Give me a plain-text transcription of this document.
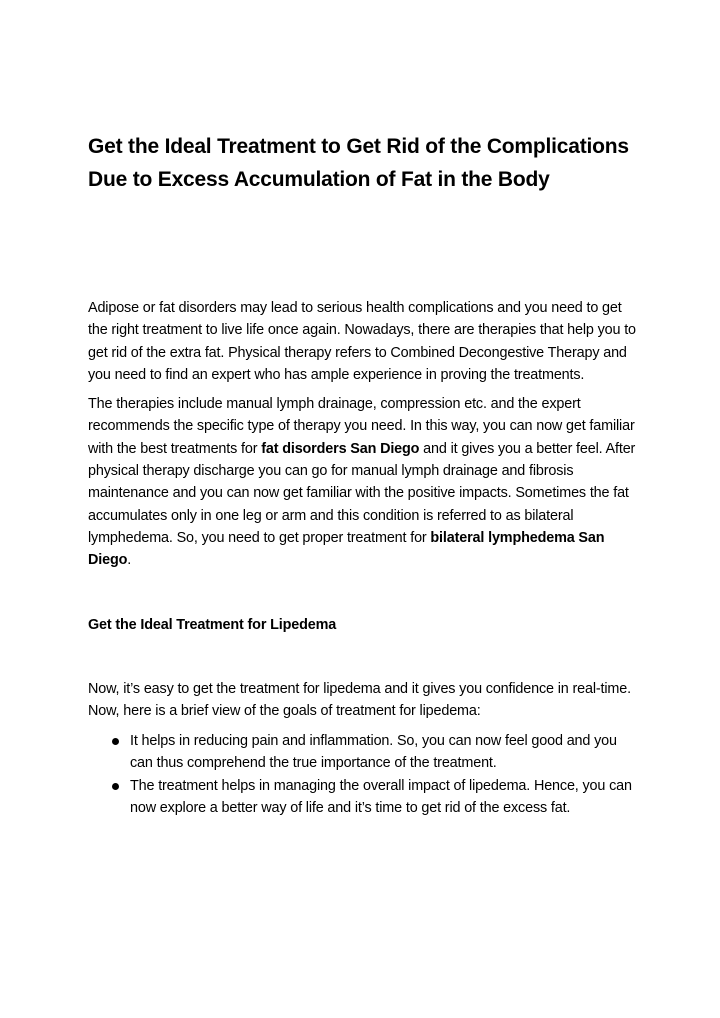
Get the Ideal Treatment to Get Rid of the Complications Due to Excess Accumulation of Fat in the Body

Adipose or fat disorders may lead to serious health complications and you need to get the right treatment to live life once again. Nowadays, there are therapies that help you to get rid of the extra fat. Physical therapy refers to Combined Decongestive Therapy and you need to find an expert who has ample experience in proving the treatments.

The therapies include manual lymph drainage, compression etc. and the expert recommends the specific type of therapy you need. In this way, you can now get familiar with the best treatments for fat disorders San Diego and it gives you a better feel. After physical therapy discharge you can go for manual lymph drainage and fibrosis maintenance and you can now get familiar with the positive impacts. Sometimes the fat accumulates only in one leg or arm and this condition is referred to as bilateral lymphedema. So, you need to get proper treatment for bilateral lymphedema San Diego.

Get the Ideal Treatment for Lipedema

Now, it’s easy to get the treatment for lipedema and it gives you confidence in real-time. Now, here is a brief view of the goals of treatment for lipedema:

It helps in reducing pain and inflammation. So, you can now feel good and you can thus comprehend the true importance of the treatment.
The treatment helps in managing the overall impact of lipedema. Hence, you can now explore a better way of life and it’s time to get rid of the excess fat.
